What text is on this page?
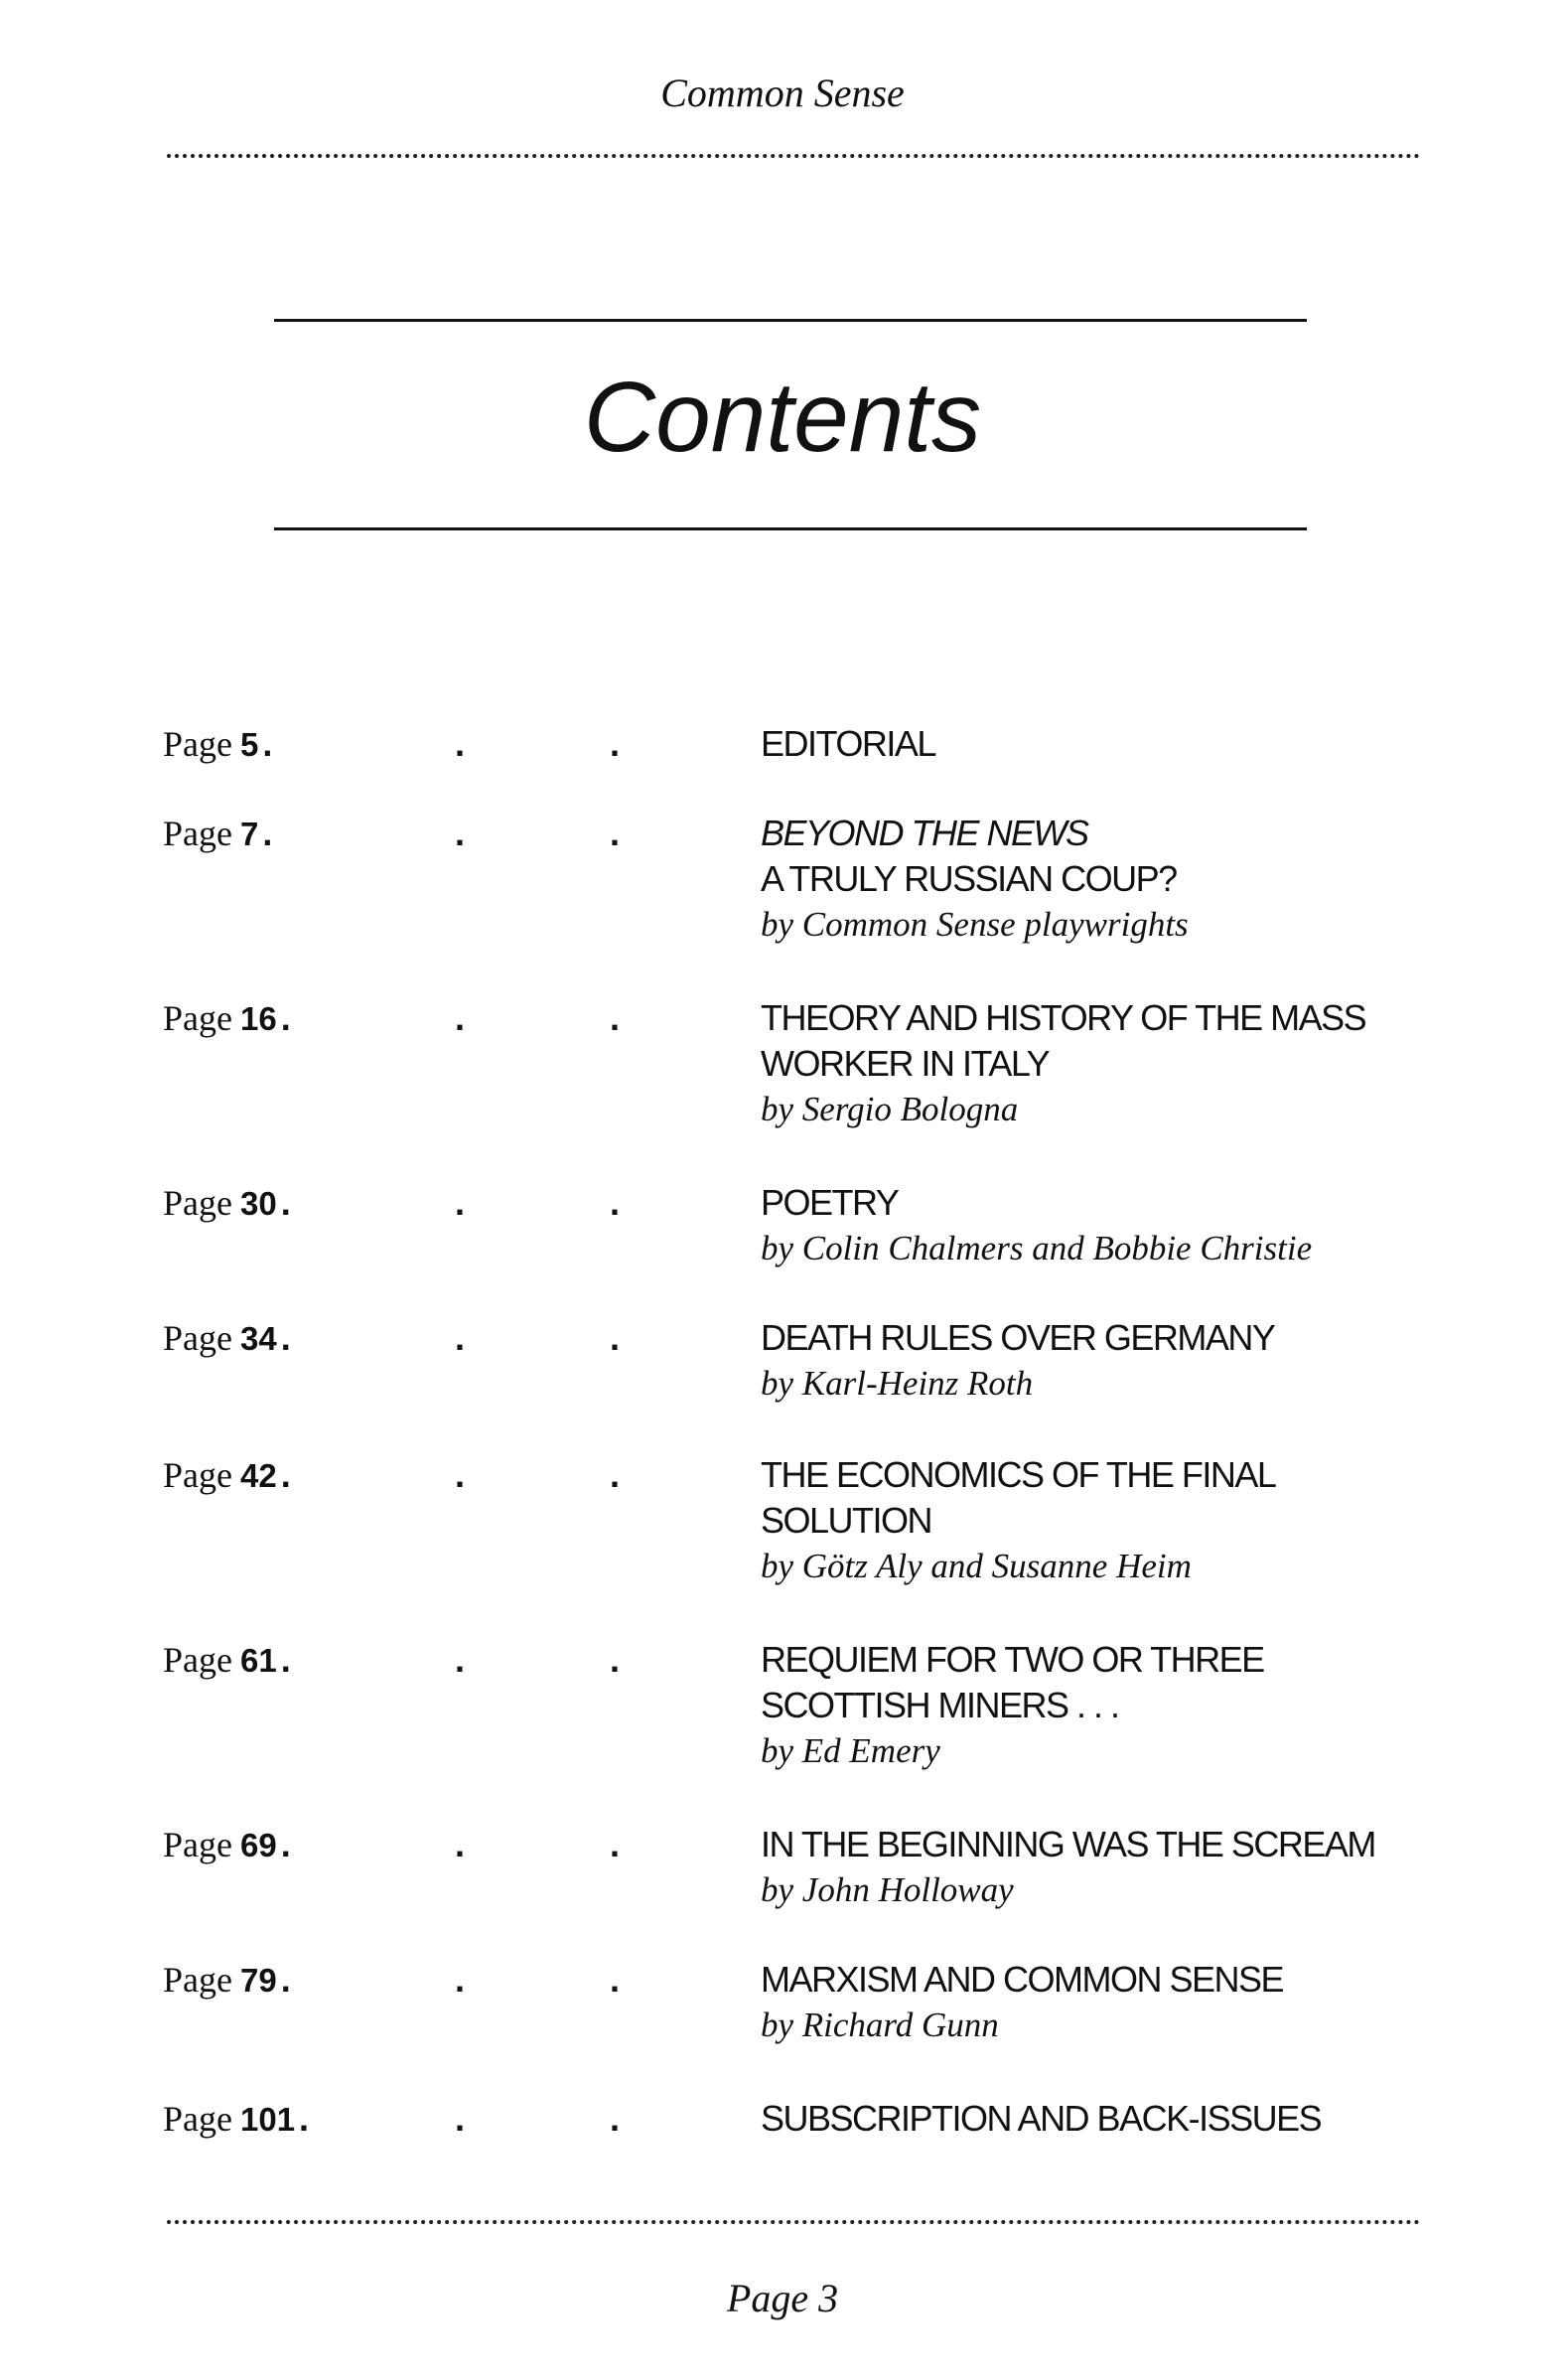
Common Sense
Contents
Page 5 .	.	.	EDITORIAL
Page 7 .	.	.	BEYOND THE NEWS
A TRULY RUSSIAN COUP?
by Common Sense playwrights
Page 16 .	.	.	THEORY AND HISTORY OF THE MASS
WORKER IN ITALY
by Sergio Bologna
Page 30 .	.	.	POETRY
by Colin Chalmers and Bobbie Christie
Page 34 .	.	.	DEATH RULES OVER GERMANY
by Karl-Heinz Roth
Page 42 .	.	.	THE ECONOMICS OF THE FINAL
SOLUTION
by Götz Aly and Susanne Heim
Page 61 .	.	.	REQUIEM FOR TWO OR THREE
SCOTTISH MINERS . . .
by Ed Emery
Page 69 .	.	.	IN THE BEGINNING WAS THE SCREAM
by John Holloway
Page 79 .	.	.	MARXISM AND COMMON SENSE
by Richard Gunn
Page 101 .	.	.	SUBSCRIPTION AND BACK-ISSUES
Page 3
